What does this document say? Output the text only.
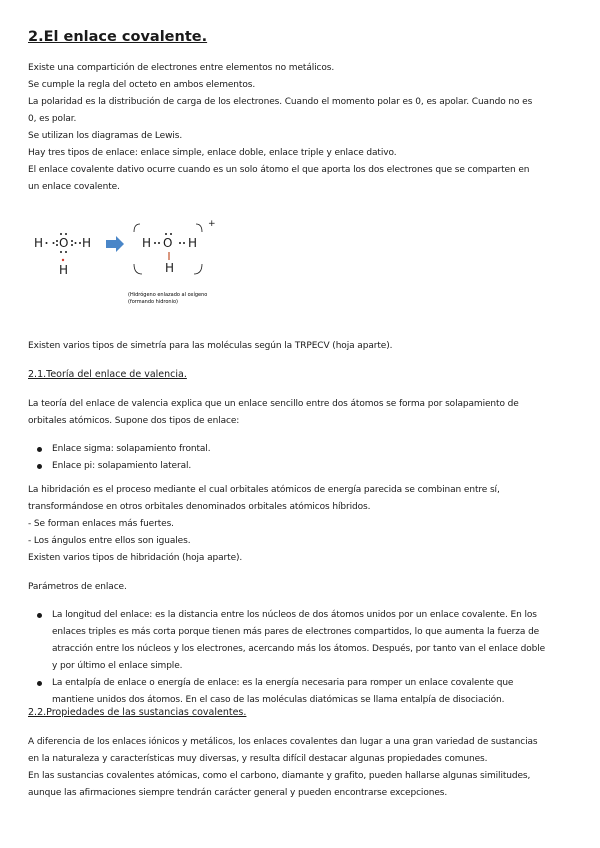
2.El enlace covalente.
Existe una compartición de electrones entre elementos no metálicos.
Se cumple la regla del octeto en ambos elementos.
La polaridad es la distribución de carga de los electrones. Cuando el momento polar es 0, es apolar. Cuando no es
0, es polar.
Se utilizan los diagramas de Lewis.
Hay tres tipos de enlace: enlace simple, enlace doble, enlace triple y enlace dativo.
El enlace covalente dativo ocurre cuando es un solo átomo el que aporta los dos electrones que se comparten en
un enlace covalente.
H O H
H
H O H
H
+
(Hidrógeno enlazado al oxígeno
(formando hidronio)
Existen varios tipos de simetría para las moléculas según la TRPECV (hoja aparte).
2.1.Teoría del enlace de valencia.
La teoría del enlace de valencia explica que un enlace sencillo entre dos átomos se forma por solapamiento de
orbitales atómicos. Supone dos tipos de enlace:
Enlace sigma: solapamiento frontal.
Enlace pi: solapamiento lateral.
La hibridación es el proceso mediante el cual orbitales atómicos de energía parecida se combinan entre sí,
transformándose en otros orbitales denominados orbitales atómicos híbridos.
- Se forman enlaces más fuertes.
- Los ángulos entre ellos son iguales.
Existen varios tipos de hibridación (hoja aparte).
Parámetros de enlace.
La longitud del enlace: es la distancia entre los núcleos de dos átomos unidos por un enlace covalente. En los
enlaces triples es más corta porque tienen más pares de electrones compartidos, lo que aumenta la fuerza de
atracción entre los núcleos y los electrones, acercando más los átomos. Después, por tanto van el enlace doble
y por último el enlace simple.
La entalpía de enlace o energía de enlace: es la energía necesaria para romper un enlace covalente que
mantiene unidos dos átomos. En el caso de las moléculas diatómicas se llama entalpía de disociación.
2.2.Propiedades de las sustancias covalentes.
A diferencia de los enlaces iónicos y metálicos, los enlaces covalentes dan lugar a una gran variedad de sustancias
en la naturaleza y características muy diversas, y resulta difícil destacar algunas propiedades comunes.
En las sustancias covalentes atómicas, como el carbono, diamante y grafito, pueden hallarse algunas similitudes,
aunque las afirmaciones siempre tendrán carácter general y pueden encontrarse excepciones.
